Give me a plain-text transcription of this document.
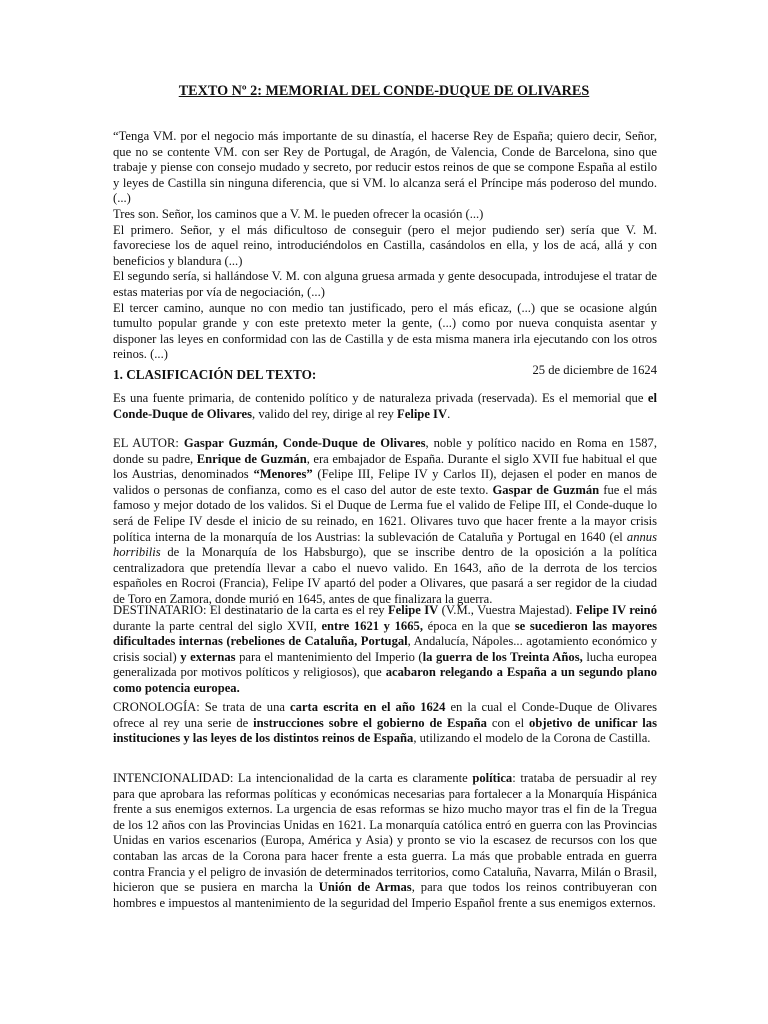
TEXTO Nº 2: MEMORIAL DEL CONDE-DUQUE DE OLIVARES

“Tenga VM. por el negocio más importante de su dinastía, el hacerse Rey de España; quiero decir, Señor, que no se contente VM. con ser Rey de Portugal, de Aragón, de Valencia, Conde de Barcelona, sino que trabaje y piense con consejo mudado y secreto, por reducir estos reinos de que se compone España al estilo y leyes de Castilla sin ninguna diferencia, que si VM. lo alcanza será el Príncipe más poderoso del mundo. (...)

Tres son. Señor, los caminos que a V. M. le pueden ofrecer la ocasión (...)

El primero. Señor, y el más dificultoso de conseguir (pero el mejor pudiendo ser) sería que V. M. favoreciese los de aquel reino, introduciéndolos en Castilla, casándolos en ella, y los de acá, allá y con beneficios y blandura (...)

El segundo sería, si hallándose V. M. con alguna gruesa armada y gente desocupada, introdujese el tratar de estas materias por vía de negociación, (...)

El tercer camino, aunque no con medio tan justificado, pero el más eficaz, (...) que se ocasione algún tumulto popular grande y con este pretexto meter la gente, (...) como por nueva conquista asentar y disponer las leyes en conformidad con las de Castilla y de esta misma manera irla ejecutando con los otros reinos. (...)

25 de diciembre de 1624

1. CLASIFICACIÓN DEL TEXTO:

Es una fuente primaria, de contenido político y de naturaleza privada (reservada). Es el memorial que el Conde-Duque de Olivares, valido del rey, dirige al rey Felipe IV.

EL AUTOR: Gaspar Guzmán, Conde-Duque de Olivares, noble y político nacido en Roma en 1587, donde su padre, Enrique de Guzmán, era embajador de España. Durante el siglo XVII fue habitual el que los Austrias, denominados “Menores” (Felipe III, Felipe IV y Carlos II), dejasen el poder en manos de validos o personas de confianza, como es el caso del autor de este texto. Gaspar de Guzmán fue el más famoso y mejor dotado de los validos. Si el Duque de Lerma fue el valido de Felipe III, el Conde-duque lo será de Felipe IV desde el inicio de su reinado, en 1621. Olivares tuvo que hacer frente a la mayor crisis política interna de la monarquía de los Austrias: la sublevación de Cataluña y Portugal en 1640 (el annus horribilis de la Monarquía de los Habsburgo), que se inscribe dentro de la oposición a la política centralizadora que pretendía llevar a cabo el nuevo valido. En 1643, año de la derrota de los tercios españoles en Rocroi (Francia), Felipe IV apartó del poder a Olivares, que pasará a ser regidor de la ciudad de Toro en Zamora, donde murió en 1645, antes de que finalizara la guerra.

DESTINATARIO: El destinatario de la carta es el rey Felipe IV (V.M., Vuestra Majestad). Felipe IV reinó durante la parte central del siglo XVII, entre 1621 y 1665, época en la que se sucedieron las mayores dificultades internas (rebeliones de Cataluña, Portugal, Andalucía, Nápoles... agotamiento económico y crisis social) y externas para el mantenimiento del Imperio (la guerra de los Treinta Años, lucha europea generalizada por motivos políticos y religiosos), que acabaron relegando a España a un segundo plano como potencia europea.

CRONOLOGÍA: Se trata de una carta escrita en el año 1624 en la cual el Conde-Duque de Olivares ofrece al rey una serie de instrucciones sobre el gobierno de España con el objetivo de unificar las instituciones y las leyes de los distintos reinos de España, utilizando el modelo de la Corona de Castilla.

INTENCIONALIDAD: La intencionalidad de la carta es claramente política: trataba de persuadir al rey para que aprobara las reformas políticas y económicas necesarias para fortalecer a la Monarquía Hispánica frente a sus enemigos externos. La urgencia de esas reformas se hizo mucho mayor tras el fin de la Tregua de los 12 años con las Provincias Unidas en 1621. La monarquía católica entró en guerra con las Provincias Unidas en varios escenarios (Europa, América y Asia) y pronto se vio la escasez de recursos con los que contaban las arcas de la Corona para hacer frente a esta guerra. La más que probable entrada en guerra contra Francia y el peligro de invasión de determinados territorios, como Cataluña, Navarra, Milán o Brasil, hicieron que se pusiera en marcha la Unión de Armas, para que todos los reinos contribuyeran con hombres e impuestos al mantenimiento de la seguridad del Imperio Español frente a sus enemigos externos.
